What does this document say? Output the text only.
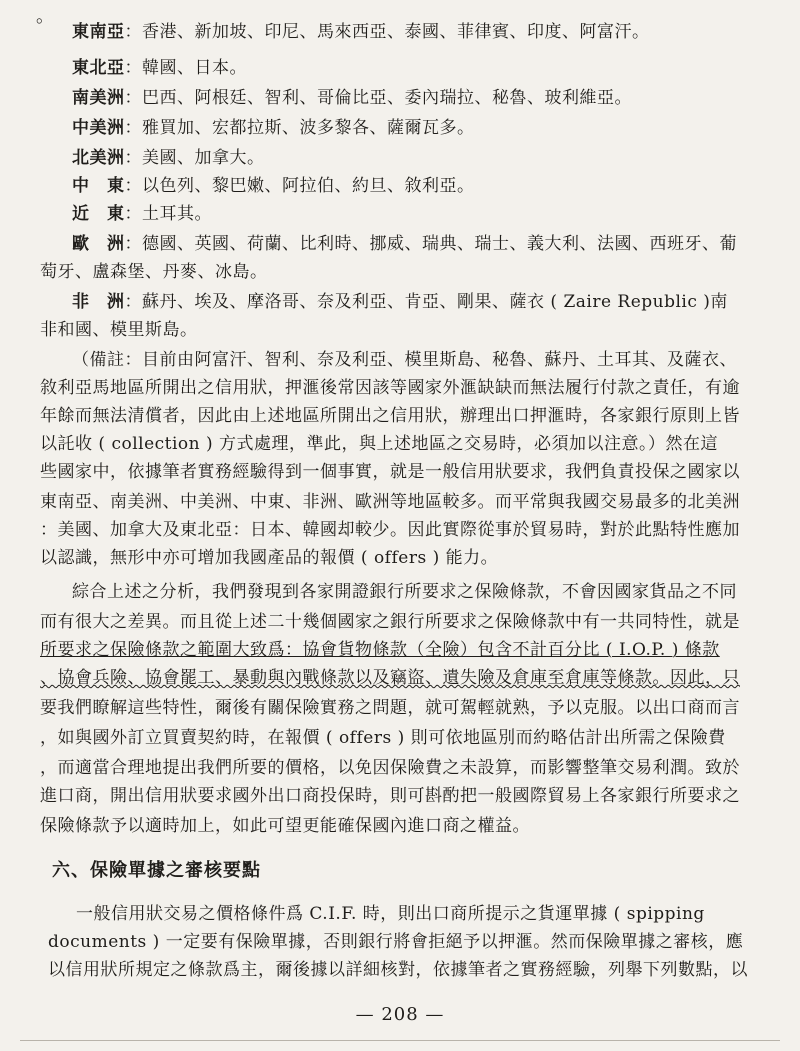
。
東南亞：香港、新加坡、印尼、馬來西亞、泰國、菲律賓、印度、阿富汗。
東北亞：韓國、日本。
南美洲：巴西、阿根廷、智利、哥倫比亞、委內瑞拉、秘魯、玻利維亞。
中美洲：雅買加、宏都拉斯、波多黎各、薩爾瓦多。
北美洲：美國、加拿大。
中　東：以色列、黎巴嫩、阿拉伯、約旦、敘利亞。
近　東：土耳其。
歐　洲：德國、英國、荷蘭、比利時、挪威、瑞典、瑞士、義大利、法國、西班牙、葡
萄牙、盧森堡、丹麥、冰島。
非　洲：蘇丹、埃及、摩洛哥、奈及利亞、肯亞、剛果、薩衣 ( Zaire Republic )南
非和國、模里斯島。
（備註：目前由阿富汗、智利、奈及利亞、模里斯島、秘魯、蘇丹、土耳其、及薩衣、
敘利亞馬地區所開出之信用狀，押滙後常因該等國家外滙缺缺而無法履行付款之責任，有逾
年餘而無法清償者，因此由上述地區所開出之信用狀，辦理出口押滙時，各家銀行原則上皆
以託收 ( collection ) 方式處理，準此，與上述地區之交易時，必須加以注意。）然在這
些國家中，依據筆者實務經驗得到一個事實，就是一般信用狀要求，我們負責投保之國家以
東南亞、南美洲、中美洲、中東、非洲、歐洲等地區較多。而平常與我國交易最多的北美洲
：美國、加拿大及東北亞：日本、韓國却較少。因此實際從事於貿易時，對於此點特性應加
以認識，無形中亦可增加我國產品的報價 ( offers ) 能力。
綜合上述之分析，我們發現到各家開證銀行所要求之保險條款，不會因國家貨品之不同
而有很大之差異。而且從上述二十幾個國家之銀行所要求之保險條款中有一共同特性，就是
所要求之保險條款之範圍大致爲：協會貨物條款（全險）包含不計百分比 ( I.O.P. ) 條款
、協會兵險、協會罷工、暴動與內戰條款以及竊盜、遺失險及倉庫至倉庫等條款。因此，只
要我們瞭解這些特性，爾後有關保險實務之問題，就可駕輕就熟，予以克服。以出口商而言
，如與國外訂立買賣契約時，在報價 ( offers ) 則可依地區別而約略估計出所需之保險費
，而適當合理地提出我們所要的價格，以免因保險費之未設算，而影響整筆交易利潤。致於
進口商，開出信用狀要求國外出口商投保時，則可斟酌把一般國際貿易上各家銀行所要求之
保險條款予以適時加上，如此可望更能確保國內進口商之權益。
六、保險單據之審核要點
一般信用狀交易之價格條件爲 C.I.F. 時，則出口商所提示之貨運單據 ( spipping
documents ) 一定要有保險單據，否則銀行將會拒絕予以押滙。然而保險單據之審核，應
以信用狀所規定之條款爲主，爾後據以詳細核對，依據筆者之實務經驗，列舉下列數點，以
— 208 —
